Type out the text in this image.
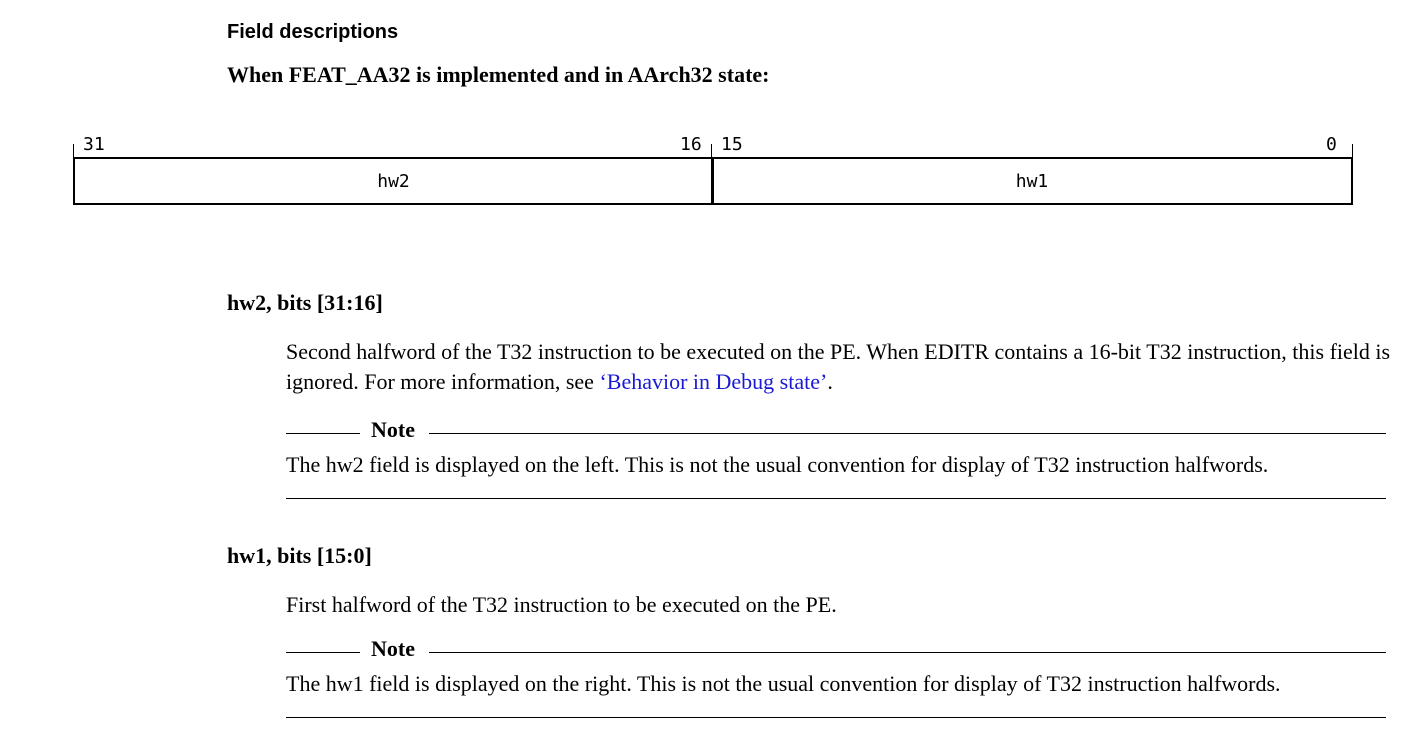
Field descriptions
When FEAT_AA32 is implemented and in AArch32 state:
31	16 15	0
hw2	hw1
hw2, bits [31:16]
Second halfword of the T32 instruction to be executed on the PE. When EDITR contains a 16-bit T32 instruction, this field is ignored. For more information, see ‘Behavior in Debug state’.
Note
The hw2 field is displayed on the left. This is not the usual convention for display of T32 instruction halfwords.
hw1, bits [15:0]
First halfword of the T32 instruction to be executed on the PE.
Note
The hw1 field is displayed on the right. This is not the usual convention for display of T32 instruction halfwords.
